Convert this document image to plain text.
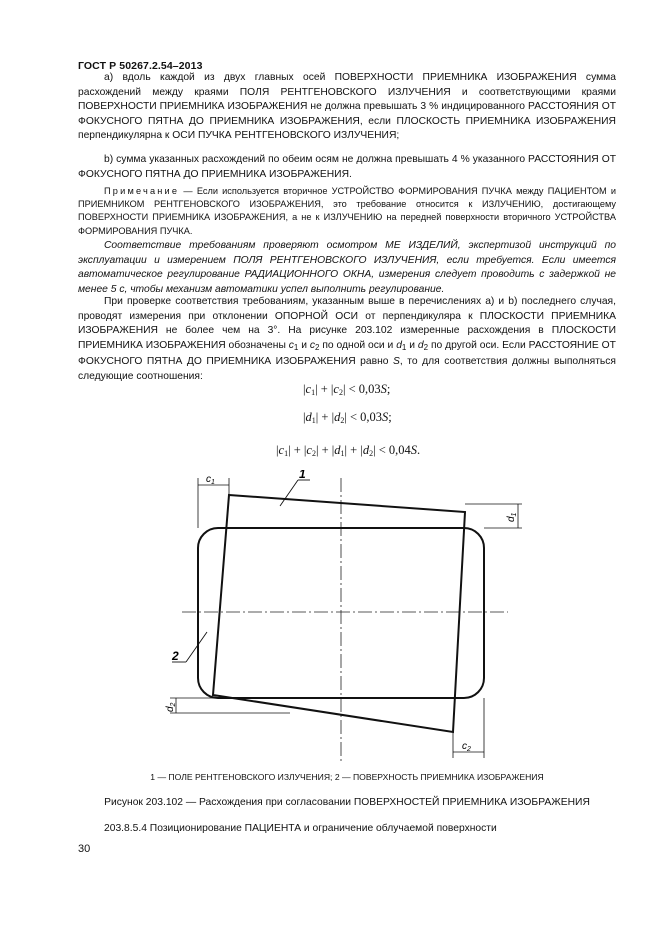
ГОСТ Р 50267.2.54–2013

a) вдоль каждой из двух главных осей ПОВЕРХНОСТИ ПРИЕМНИКА ИЗОБРАЖЕНИЯ сумма расхождений между краями ПОЛЯ РЕНТГЕНОВСКОГО ИЗЛУЧЕНИЯ и соответствующими краями ПОВЕРХНОСТИ ПРИЕМНИКА ИЗОБРАЖЕНИЯ не должна превышать 3 % индицированного РАССТОЯНИЯ ОТ ФОКУСНОГО ПЯТНА ДО ПРИЕМНИКА ИЗОБРАЖЕНИЯ, если ПЛОСКОСТЬ ПРИЕМНИКА ИЗОБРАЖЕНИЯ перпендикулярна к ОСИ ПУЧКА РЕНТГЕНОВСКОГО ИЗЛУЧЕНИЯ;

b) сумма указанных расхождений по обеим осям не должна превышать 4 % указанного РАССТОЯНИЯ ОТ ФОКУСНОГО ПЯТНА ДО ПРИЕМНИКА ИЗОБРАЖЕНИЯ.

Примечание — Если используется вторичное УСТРОЙСТВО ФОРМИРОВАНИЯ ПУЧКА между ПАЦИЕНТОМ и ПРИЕМНИКОМ РЕНТГЕНОВСКОГО ИЗОБРАЖЕНИЯ, это требование относится к ИЗЛУЧЕНИЮ, достигающему ПОВЕРХНОСТИ ПРИЕМНИКА ИЗОБРАЖЕНИЯ, а не к ИЗЛУЧЕНИЮ на передней поверхности вторичного УСТРОЙСТВА ФОРМИРОВАНИЯ ПУЧКА.

Соответствие требованиям проверяют осмотром МЕ ИЗДЕЛИЙ, экспертизой инструкций по эксплуатации и измерением ПОЛЯ РЕНТГЕНОВСКОГО ИЗЛУЧЕНИЯ, если требуется. Если имеется автоматическое регулирование РАДИАЦИОННОГО ОКНА, измерения следует проводить с задержкой не менее 5 с, чтобы механизм автоматики успел выполнить регулирование.

При проверке соответствия требованиям, указанным выше в перечислениях a) и b) последнего случая, проводят измерения при отклонении ОПОРНОЙ ОСИ от перпендикуляра к ПЛОСКОСТИ ПРИЕМНИКА ИЗОБРАЖЕНИЯ не более чем на 3°. На рисунке 203.102 измеренные расхождения в ПЛОСКОСТИ ПРИЕМНИКА ИЗОБРАЖЕНИЯ обозначены $c_1$ и $c_2$ по одной оси и $d_1$ и $d_2$ по другой оси. Если РАССТОЯНИЕ ОТ ФОКУСНОГО ПЯТНА ДО ПРИЕМНИКА ИЗОБРАЖЕНИЯ равно S, то для соответствия должны выполняться следующие соотношения:

$|c_1| + |c_2| < 0,03S$;
$|d_1| + |d_2| < 0,03S$;
$|c_1| + |c_2| + |d_1| + |d_2| < 0,04S$.
$c_1$
$d_1$
$d_2$
$c_2$
1
2
1 — ПОЛЕ РЕНТГЕНОВСКОГО ИЗЛУЧЕНИЯ; 2 — ПОВЕРХНОСТЬ ПРИЕМНИКА ИЗОБРАЖЕНИЯ
Рисунок 203.102 — Расхождения при согласовании ПОВЕРХНОСТЕЙ ПРИЕМНИКА ИЗОБРАЖЕНИЯ
203.8.5.4 Позиционирование ПАЦИЕНТА и ограничение облучаемой поверхности
30
